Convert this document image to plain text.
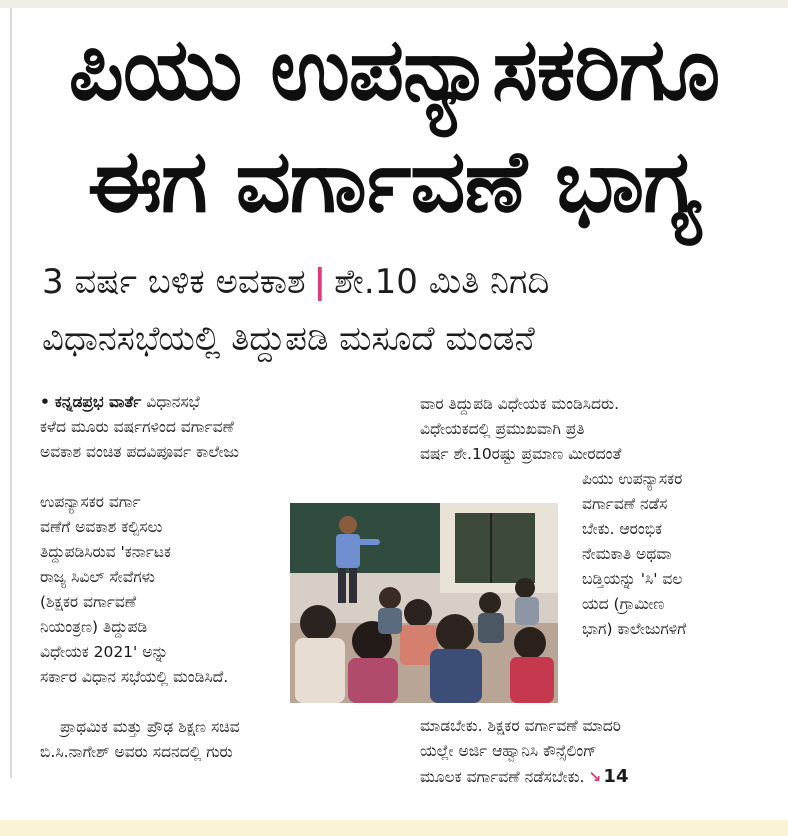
ಪಿಯು ಉಪನ್ಯಾಸಕರಿಗೂ
ಈಗ ವರ್ಗಾವಣೆ ಭಾಗ್ಯ
3 ವರ್ಷ ಬಳಿಕ ಅವಕಾಶ | ಶೇ.10 ಮಿತಿ ನಿಗದಿ
ವಿಧಾನಸಭೆಯಲ್ಲಿ ತಿದ್ದುಪಡಿ ಮಸೂದೆ ಮಂಡನೆ

• ಕನ್ನಡಪ್ರಭ ವಾರ್ತೆ ವಿಧಾನಸಭೆ

ಕಳೆದ ಮೂರು ವರ್ಷಗಳಿಂದ ವರ್ಗಾವಣೆ

ಅವಕಾಶ ವಂಚಿತ ಪದವಿಪೂರ್ವ ಕಾಲೇಜು

ಉಪನ್ಯಾಸಕರ ವರ್ಗಾ

ವಣೆಗೆ ಅವಕಾಶ ಕಲ್ಪಿಸಲು

ತಿದ್ದುಪಡಿಸಿರುವ 'ಕರ್ನಾಟಕ

ರಾಜ್ಯ ಸಿವಿಲ್ ಸೇವೆಗಳು

(ಶಿಕ್ಷಕರ ವರ್ಗಾವಣೆ

ನಿಯಂತ್ರಣ) ತಿದ್ದುಪಡಿ

ವಿಧೇಯಕ 2021' ಅನ್ನು

ಸರ್ಕಾರ ವಿಧಾನ ಸಭೆಯಲ್ಲಿ ಮಂಡಿಸಿದೆ.

ಪ್ರಾಥಮಿಕ ಮತ್ತು ಪ್ರೌಢ ಶಿಕ್ಷಣ ಸಚಿವ

ಬಿ.ಸಿ.ನಾಗೇಶ್ ಅವರು ಸದನದಲ್ಲಿ ಗುರು

ವಾರ ತಿದ್ದುಪಡಿ ವಿಧೇಯಕ ಮಂಡಿಸಿದರು.

ವಿಧೇಯಕದಲ್ಲಿ ಪ್ರಮುಖವಾಗಿ ಪ್ರತಿ

ವರ್ಷ ಶೇ.10ರಷ್ಟು ಪ್ರಮಾಣ ಮೀರದಂತೆ

ಪಿಯು ಉಪನ್ಯಾಸಕರ

ವರ್ಗಾವಣೆ ನಡೆಸ

ಬೇಕು. ಆರಂಭಿಕ

ನೇಮಕಾತಿ ಅಥವಾ

ಬಡ್ತಿಯನ್ನು 'ಸಿ' ವಲ

ಯದ (ಗ್ರಾಮೀಣ

ಭಾಗ) ಕಾಲೇಜುಗಳಿಗೆ

ಮಾಡಬೇಕು. ಶಿಕ್ಷಕರ ವರ್ಗಾವಣೆ ಮಾದರಿ

ಯಲ್ಲೇ ಅರ್ಜಿ ಆಹ್ವಾನಿಸಿ ಕೌನ್ಸೆಲಿಂಗ್

ಮೂಲಕ ವರ್ಗಾವಣೆ ನಡೆಸಬೇಕು. ↘ 14
